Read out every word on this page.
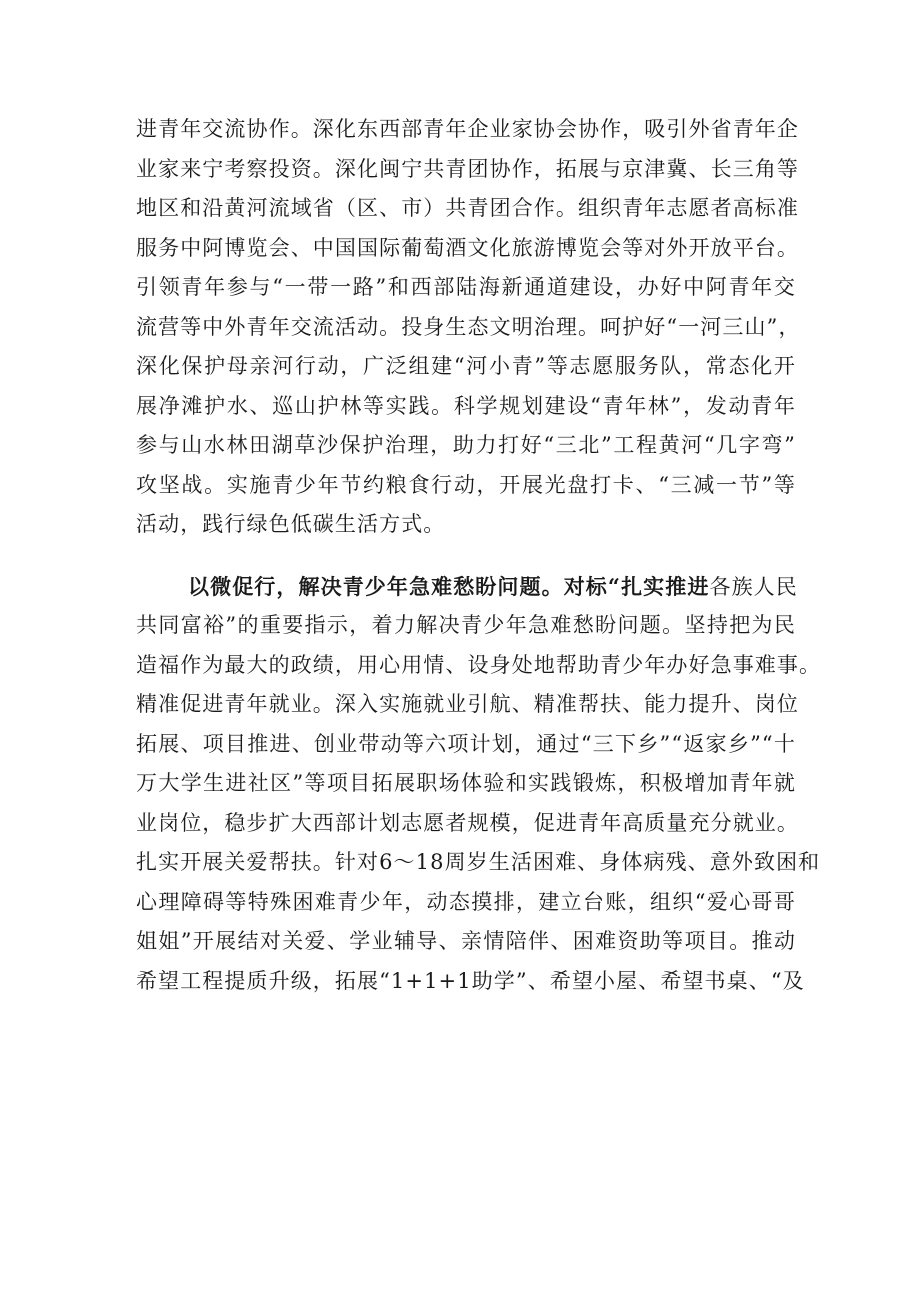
进青年交流协作。深化东西部青年企业家协会协作，吸引外省青年企
业家来宁考察投资。深化闽宁共青团协作，拓展与京津冀、长三角等
地区和沿黄河流域省（区、市）共青团合作。组织青年志愿者高标准
服务中阿博览会、中国国际葡萄酒文化旅游博览会等对外开放平台。
引领青年参与“一带一路”和西部陆海新通道建设，办好中阿青年交
流营等中外青年交流活动。投身生态文明治理。呵护好“一河三山”，
深化保护母亲河行动，广泛组建“河小青”等志愿服务队，常态化开
展净滩护水、巡山护林等实践。科学规划建设“青年林”，发动青年
参与山水林田湖草沙保护治理，助力打好“三北”工程黄河“几字弯”
攻坚战。实施青少年节约粮食行动，开展光盘打卡、“三减一节”等
活动，践行绿色低碳生活方式。
以微促行，解决青少年急难愁盼问题。对标“扎实推进各族人民
共同富裕”的重要指示，着力解决青少年急难愁盼问题。坚持把为民
造福作为最大的政绩，用心用情、设身处地帮助青少年办好急事难事。
精准促进青年就业。深入实施就业引航、精准帮扶、能力提升、岗位
拓展、项目推进、创业带动等六项计划，通过“三下乡”“返家乡”“十
万大学生进社区”等项目拓展职场体验和实践锻炼，积极增加青年就
业岗位，稳步扩大西部计划志愿者规模，促进青年高质量充分就业。
扎实开展关爱帮扶。针对6～18周岁生活困难、身体病残、意外致困和
心理障碍等特殊困难青少年，动态摸排，建立台账，组织“爱心哥哥
姐姐”开展结对关爱、学业辅导、亲情陪伴、困难资助等项目。推动
希望工程提质升级，拓展“1+1+1助学”、希望小屋、希望书桌、“及
